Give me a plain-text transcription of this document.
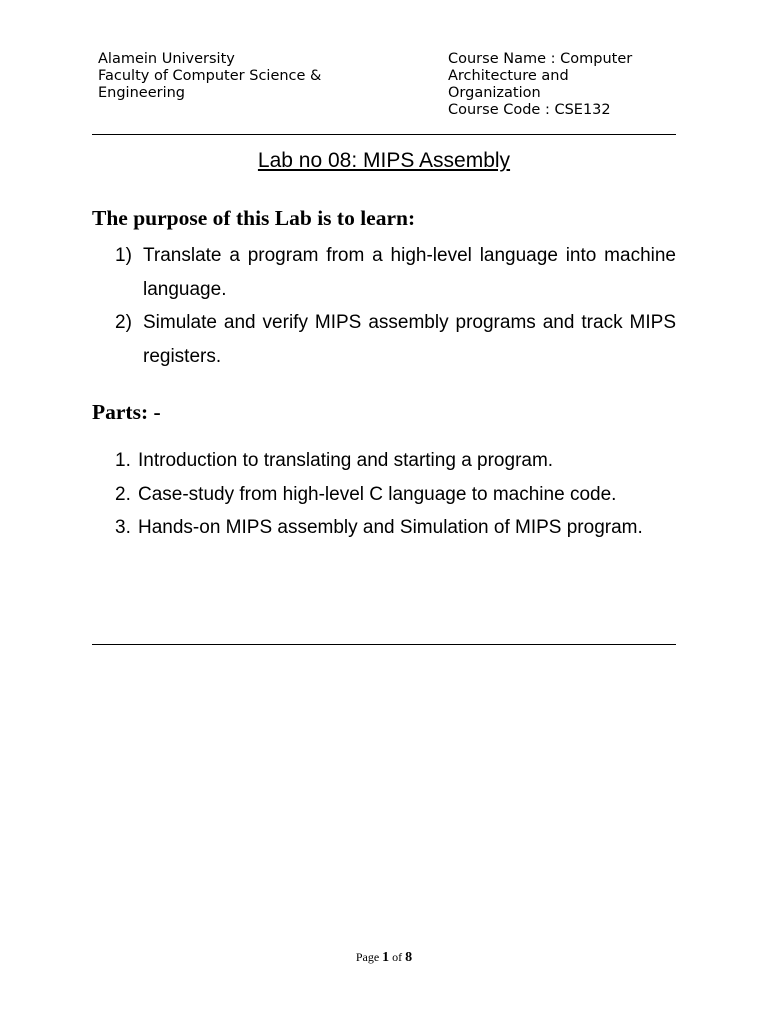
Alamein University
Faculty of Computer Science &
Engineering
Course Name : Computer
Architecture and
Organization
Course Code : CSE132
Lab no 08: MIPS Assembly
The purpose of this Lab is to learn:
1) Translate a program from a high-level language into machine language.
2) Simulate and verify MIPS assembly programs and track MIPS registers.
Parts: -
1. Introduction to translating and starting a program.
2. Case-study from high-level C language to machine code.
3. Hands-on MIPS assembly and Simulation of MIPS program.
Page 1 of 8
